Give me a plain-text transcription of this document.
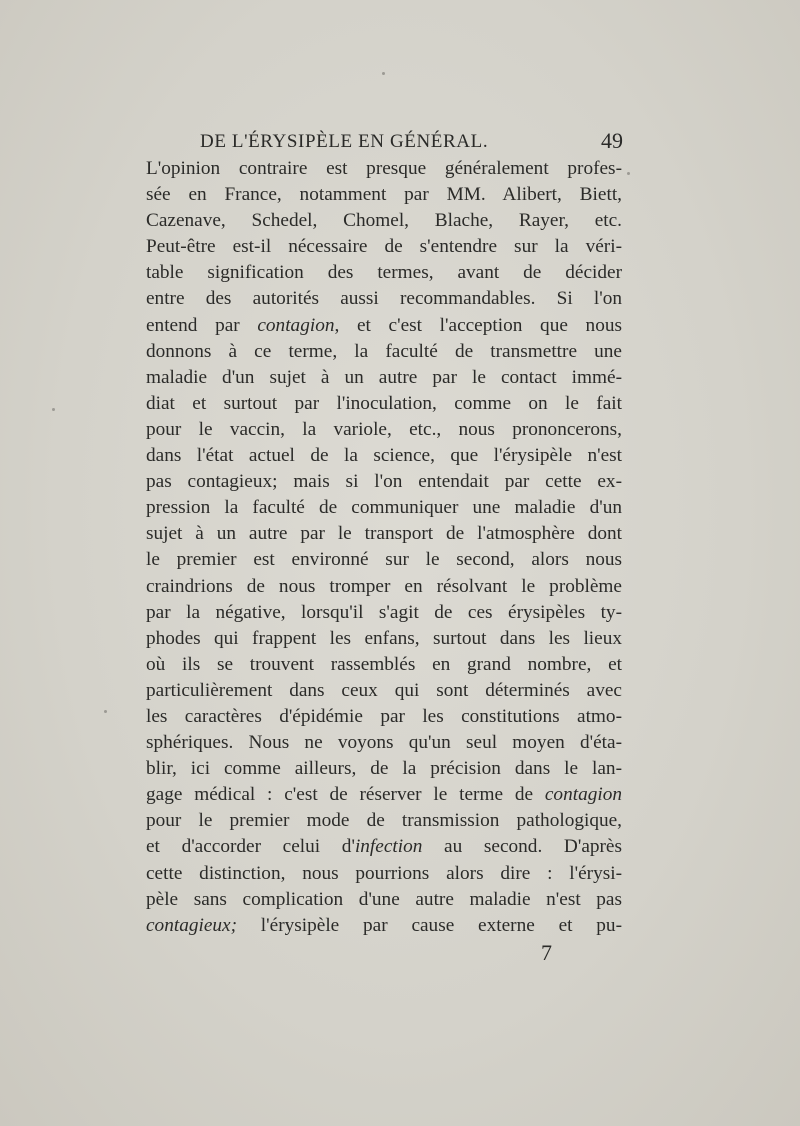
DE L'ÉRYSIPÈLE EN GÉNÉRAL.	49
L'opinion contraire est presque généralement profes-
sée en France, notamment par MM. Alibert, Biett,
Cazenave, Schedel, Chomel, Blache, Rayer, etc.
Peut-être est-il nécessaire de s'entendre sur la véri-
table signification des termes, avant de décider
entre des autorités aussi recommandables. Si l'on
entend par contagion, et c'est l'acception que nous
donnons à ce terme, la faculté de transmettre une
maladie d'un sujet à un autre par le contact immé-
diat et surtout par l'inoculation, comme on le fait
pour le vaccin, la variole, etc., nous prononcerons,
dans l'état actuel de la science, que l'érysipèle n'est
pas contagieux; mais si l'on entendait par cette ex-
pression la faculté de communiquer une maladie d'un
sujet à un autre par le transport de l'atmosphère dont
le premier est environné sur le second, alors nous
craindrions de nous tromper en résolvant le problème
par la négative, lorsqu'il s'agit de ces érysipèles ty-
phodes qui frappent les enfans, surtout dans les lieux
où ils se trouvent rassemblés en grand nombre, et
particulièrement dans ceux qui sont déterminés avec
les caractères d'épidémie par les constitutions atmo-
sphériques. Nous ne voyons qu'un seul moyen d'éta-
blir, ici comme ailleurs, de la précision dans le lan-
gage médical : c'est de réserver le terme de contagion
pour le premier mode de transmission pathologique,
et d'accorder celui d'infection au second. D'après
cette distinction, nous pourrions alors dire : l'érysi-
pèle sans complication d'une autre maladie n'est pas
contagieux; l'érysipèle par cause externe et pu-
7
